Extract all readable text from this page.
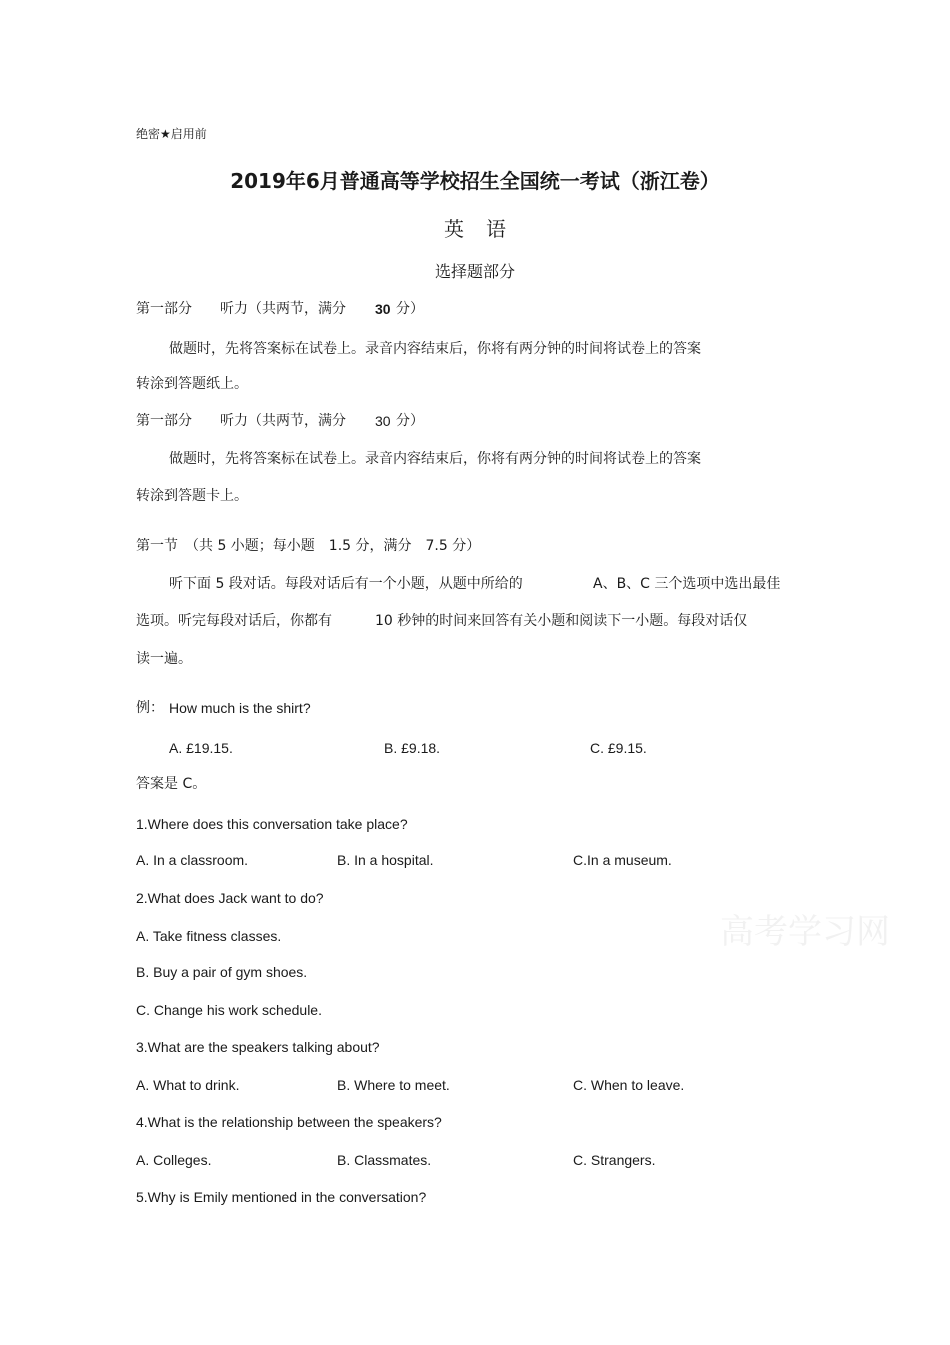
绝密★启用前
2019年6月普通高等学校招生全国统一考试（浙江卷）
英语
选择题部分
第一部分 听力（共两节，满分 30 分）
做题时，先将答案标在试卷上。录音内容结束后，你将有两分钟的时间将试卷上的答案
转涂到答题纸上。
第一部分 听力（共两节，满分 30 分）
做题时，先将答案标在试卷上。录音内容结束后，你将有两分钟的时间将试卷上的答案
转涂到答题卡上。
第一节　（共 5 小题；每小题　1.5 分，满分　7.5 分）
听下面 5 段对话。每段对话后有一个小题，从题中所给的	A、B、C 三个选项中选出最佳
选项。听完每段对话后，你都有	10 秒钟的时间来回答有关小题和阅读下一小题。每段对话仅
读一遍。
例： How much is the shirt?
A. £19.15.	B. £9.18.	C. £9.15.
答案是 C。
1.Where does this conversation take place?
A. In a classroom.	B. In a hospital.	C.In a museum.
2.What does Jack want to do?
A. Take fitness classes.
B. Buy a pair of gym shoes.
C. Change his work schedule.
3.What are the speakers talking about?
A. What to drink.	B. Where to meet.	C. When to leave.
4.What is the relationship between the speakers?
A. Colleges.	B. Classmates.	C. Strangers.
5.Why is Emily mentioned in the conversation?
高考学习网
